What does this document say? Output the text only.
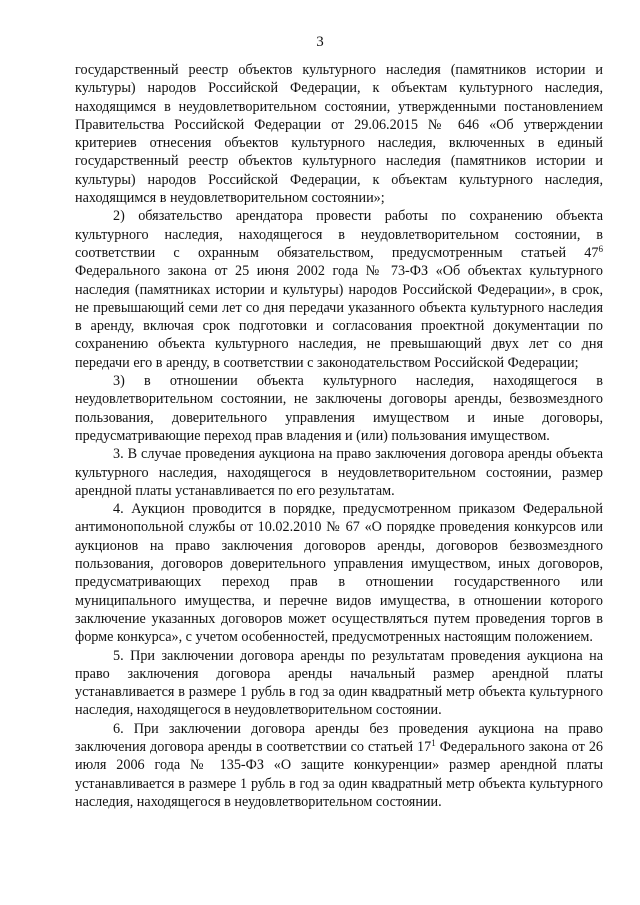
3

государственный реестр объектов культурного наследия (памятников истории и культуры) народов Российской Федерации, к объектам культурного наследия, находящимся в неудовлетворительном состоянии, утвержденными постановлением Правительства Российской Федерации от 29.06.2015 № 646 «Об утверждении критериев отнесения объектов культурного наследия, включенных в единый государственный реестр объектов культурного наследия (памятников истории и культуры) народов Российской Федерации, к объектам культурного наследия, находящимся в неудовлетворительном состоянии»;

2) обязательство арендатора провести работы по сохранению объекта культурного наследия, находящегося в неудовлетворительном состоянии, в соответствии с охранным обязательством, предусмотренным статьей $47^6$ Федерального закона от 25 июня 2002 года № 73-ФЗ «Об объектах культурного наследия (памятниках истории и культуры) народов Российской Федерации», в срок, не превышающий семи лет со дня передачи указанного объекта культурного наследия в аренду, включая срок подготовки и согласования проектной документации по сохранению объекта культурного наследия, не превышающий двух лет со дня передачи его в аренду, в соответствии с законодательством Российской Федерации;

3) в отношении объекта культурного наследия, находящегося в неудовлетворительном состоянии, не заключены договоры аренды, безвозмездного пользования, доверительного управления имуществом и иные договоры, предусматривающие переход прав владения и (или) пользования имуществом.

3. В случае проведения аукциона на право заключения договора аренды объекта культурного наследия, находящегося в неудовлетворительном состоянии, размер арендной платы устанавливается по его результатам.

4. Аукцион проводится в порядке, предусмотренном приказом Федеральной антимонопольной службы от 10.02.2010 № 67 «О порядке проведения конкурсов или аукционов на право заключения договоров аренды, договоров безвозмездного пользования, договоров доверительного управления имуществом, иных договоров, предусматривающих переход прав в отношении государственного или муниципального имущества, и перечне видов имущества, в отношении которого заключение указанных договоров может осуществляться путем проведения торгов в форме конкурса», с учетом особенностей, предусмотренных настоящим положением.

5. При заключении договора аренды по результатам проведения аукциона на право заключения договора аренды начальный размер арендной платы устанавливается в размере 1 рубль в год за один квадратный метр объекта культурного наследия, находящегося в неудовлетворительном состоянии.

6. При заключении договора аренды без проведения аукциона на право заключения договора аренды в соответствии со статьей $17^1$ Федерального закона от 26 июля 2006 года № 135-ФЗ «О защите конкуренции» размер арендной платы устанавливается в размере 1 рубль в год за один квадратный метр объекта культурного наследия, находящегося в неудовлетворительном состоянии.
